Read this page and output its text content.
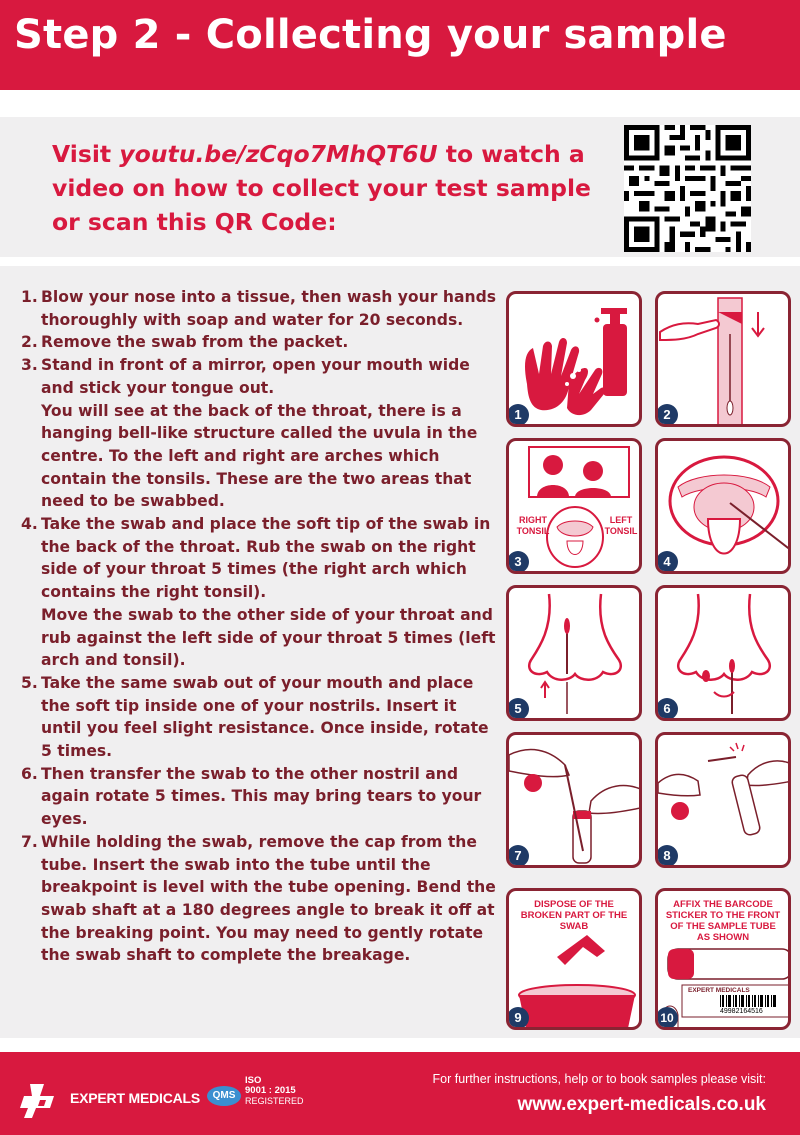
Step 2 - Collecting your sample
Visit youtu.be/zCqo7MhQT6U to watch a video on how to collect your test sample or scan this QR Code:
1. Blow your nose into a tissue, then wash your hands thoroughly with soap and water for 20 seconds.

2. Remove the swab from the packet.

3. Stand in front of a mirror, open your mouth wide and stick your tongue out.

You will see at the back of the throat, there is a hanging bell-like structure called the uvula in the centre. To the left and right are arches which contain the tonsils. These are the two areas that need to be swabbed.

4. Take the swab and place the soft tip of the swab in the back of the throat. Rub the swab on the right side of your throat 5 times (the right arch which contains the right tonsil).

Move the swab to the other side of your throat and rub against the left side of your throat 5 times (left arch and tonsil).

5. Take the same swab out of your mouth and place the soft tip inside one of your nostrils. Insert it until you feel slight resistance. Once inside, rotate 5 times.

6. Then transfer the swab to the other nostril and again rotate 5 times. This may bring tears to your eyes.

7. While holding the swab, remove the cap from the tube. Insert the swab into the tube until the breakpoint is level with the tube opening. Bend the swab shaft at a 180 degrees angle to break it off at the breaking point. You may need to gently rotate the swab shaft to complete the breakage.

1	2
RIGHT TONSIL
LEFT TONSIL
3	4
5	6
7	8
DISPOSE OF THE BROKEN PART OF THE SWAB
9
AFFIX THE BARCODE STICKER TO THE FRONT OF THE SAMPLE TUBE AS SHOWN
EXPERT MEDICALS
49982164516
10
EXPERT MEDICALS	QMS
ISO
9001 : 2015
REGISTERED
For further instructions, help or to book samples please visit:
www.expert-medicals.co.uk
